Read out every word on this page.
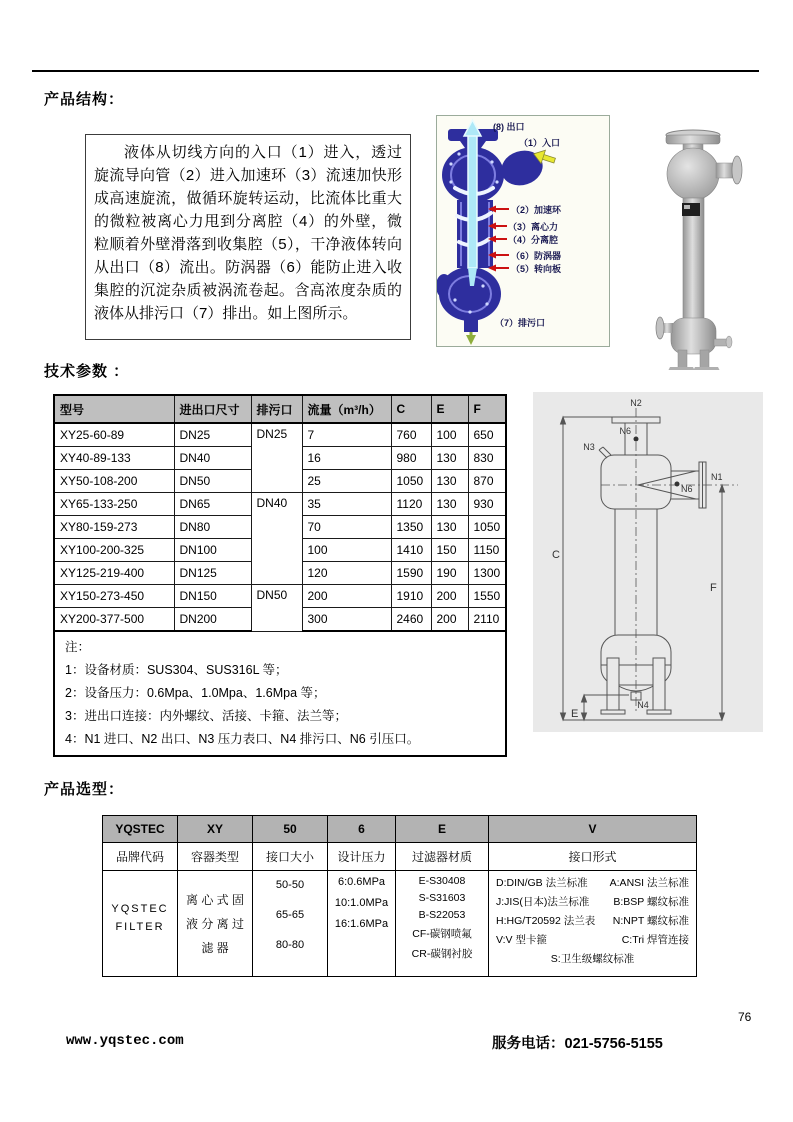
产品结构：

液体从切线方向的入口（1）进入，透过旋流导向管（2）进入加速环（3）流速加快形成高速旋流，做循环旋转运动，比流体比重大的微粒被离心力甩到分离腔（4）的外壁，微粒顺着外壁滑落到收集腔（5），干净液体转向从出口（8）流出。防涡器（6）能防止进入收集腔的沉淀杂质被涡流卷起。含高浓度杂质的液体从排污口（7）排出。如上图所示。

(8) 出口
（1）入口
（2）加速环
（3）离心力
（4）分离腔
（6）防涡器
（5）转向板
（7）排污口
技术参数 ：
型号	进出口尺寸	排污口	流量（m³/h）	C	E	F
XY25-60-89	DN25	DN25	7	760	100	650
XY40-89-133	DN40		16	980	130	830
XY50-108-200	DN50		25	1050	130	870
XY65-133-250	DN65	DN40	35	1120	130	930
XY80-159-273	DN80		70	1350	130	1050
XY100-200-325	DN100		100	1410	150	1150
XY125-219-400	DN125		120	1590	190	1300
XY150-273-450	DN150	DN50	200	1910	200	1550
XY200-377-500	DN200		300	2460	200	2110

注：
1：设备材质：SUS304、SUS316L 等；
2：设备压力：0.6Mpa、1.0Mpa、1.6Mpa 等；
3：进出口连接：内外螺纹、活接、卡箍、法兰等；
4：N1 进口、N2 出口、N3 压力表口、N4 排污口、N6 引压口。						
N2
N6
N3
N1
N6
N4
C
F
E
产品选型：
YQSTEC	XY	50	6	E	V
品牌代码	容器类型	接口大小	设计压力	过滤器材质	接口形式

YQSTEC
FILTER

离 心 式 固
液 分 离 过
滤 器

50-50
65-65
80-80

6:0.6MPa
10:1.0MPa
16:1.6MPa

E-S30408
S-S31603
B-S22053
CF-碳钢喷氟
CR-碳钢衬胶

D:DIN/GB 法兰标准 A:ANSI 法兰标准
J:JIS(日本)法兰标准 B:BSP 螺纹标准
H:HG/T20592 法兰表 N:NPT 螺纹标准
V:V 型卡箍	C:Tri 焊管连接
S:卫生级螺纹标准
76
www.yqstec.com	服务电话：021-5756-5155
